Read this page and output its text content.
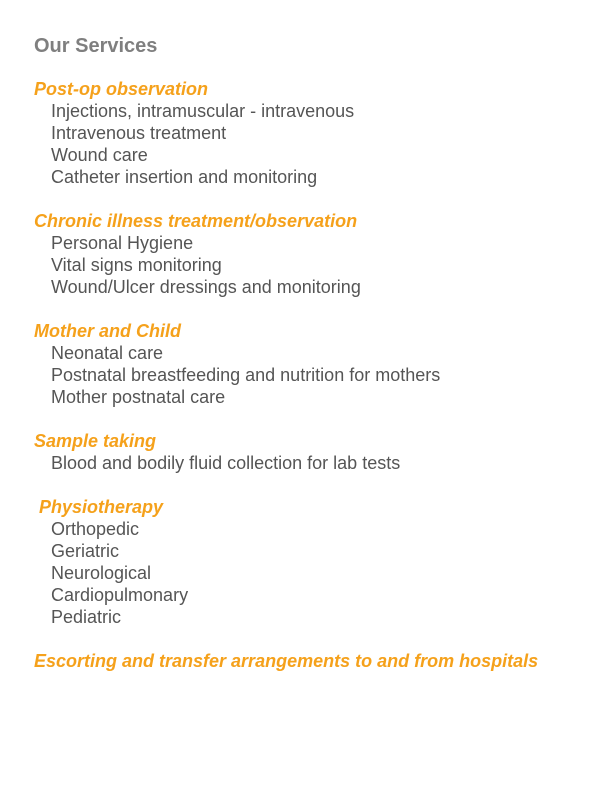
Our Services
Post-op observation
Injections, intramuscular - intravenous
Intravenous treatment
Wound care
Catheter insertion and monitoring
Chronic illness treatment/observation
Personal Hygiene
Vital signs monitoring
Wound/Ulcer dressings and monitoring
Mother and Child
Neonatal care
Postnatal breastfeeding and nutrition for mothers
Mother postnatal care
Sample taking
Blood and bodily fluid collection for lab tests
Physiotherapy
Orthopedic
Geriatric
Neurological
Cardiopulmonary
Pediatric
Escorting and transfer arrangements to and from hospitals
